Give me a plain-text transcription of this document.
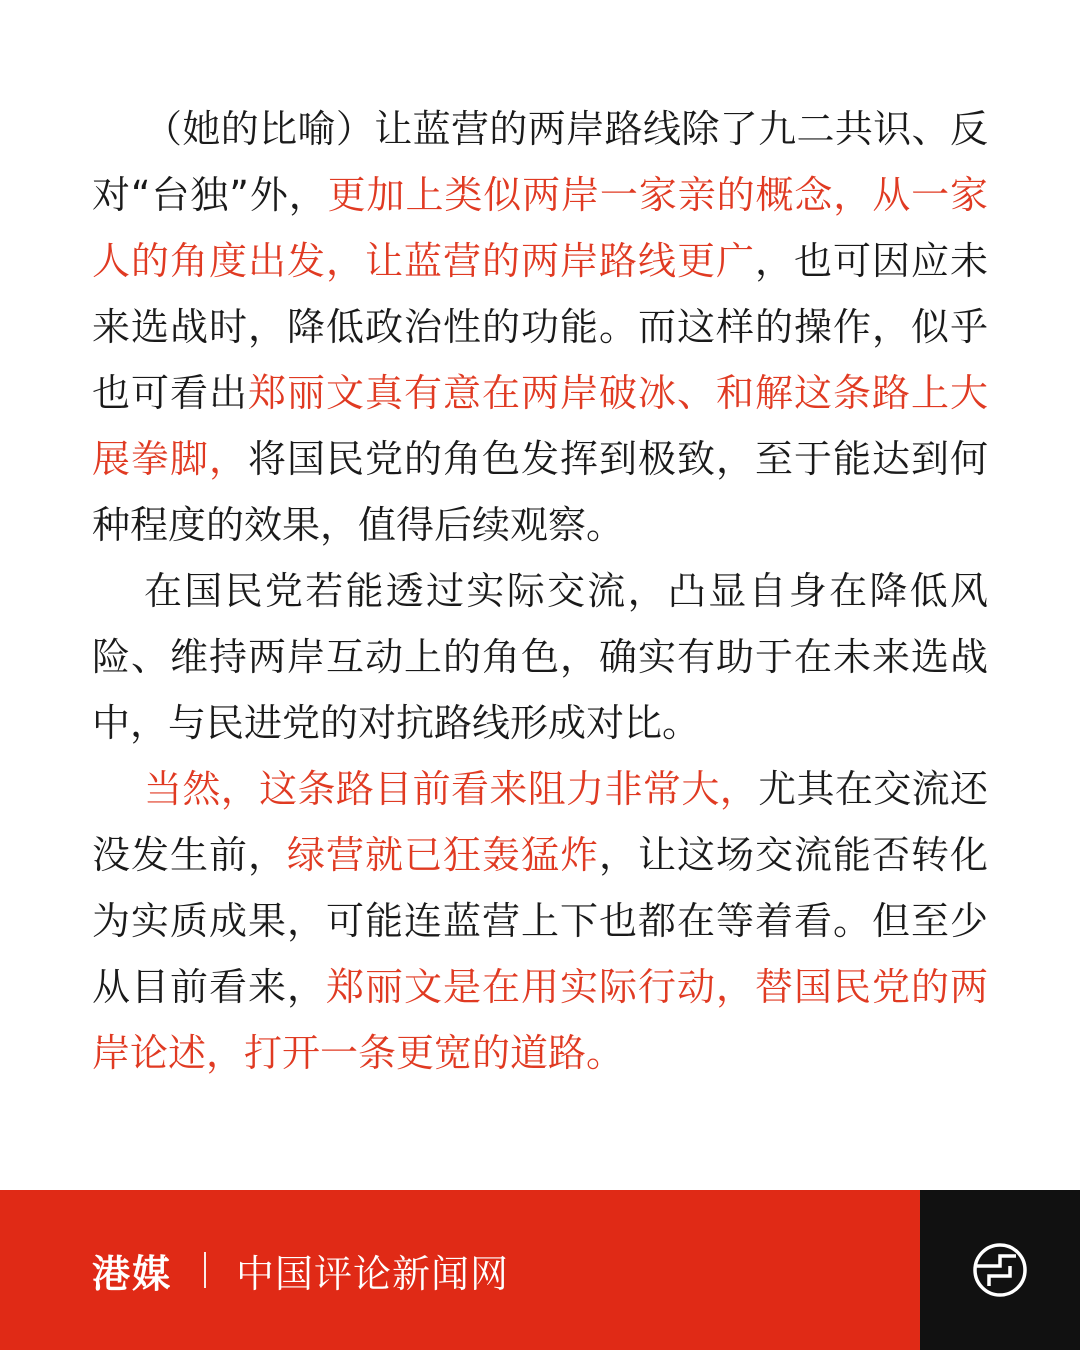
（她的比喻）让蓝营的两岸路线除了九二共识、反对“台独”外，更加上类似两岸一家亲的概念，从一家人的角度出发，让蓝营的两岸路线更广，也可因应未来选战时，降低政治性的功能。而这样的操作，似乎也可看出郑丽文真有意在两岸破冰、和解这条路上大展拳脚，将国民党的角色发挥到极致，至于能达到何种程度的效果，值得后续观察。

在国民党若能透过实际交流，凸显自身在降低风险、维持两岸互动上的角色，确实有助于在未来选战中，与民进党的对抗路线形成对比。

当然，这条路目前看来阻力非常大，尤其在交流还没发生前，绿营就已狂轰猛炸，让这场交流能否转化为实质成果，可能连蓝营上下也都在等着看。但至少从目前看来，郑丽文是在用实际行动，替国民党的两岸论述，打开一条更宽的道路。

港媒 中国评论新闻网
